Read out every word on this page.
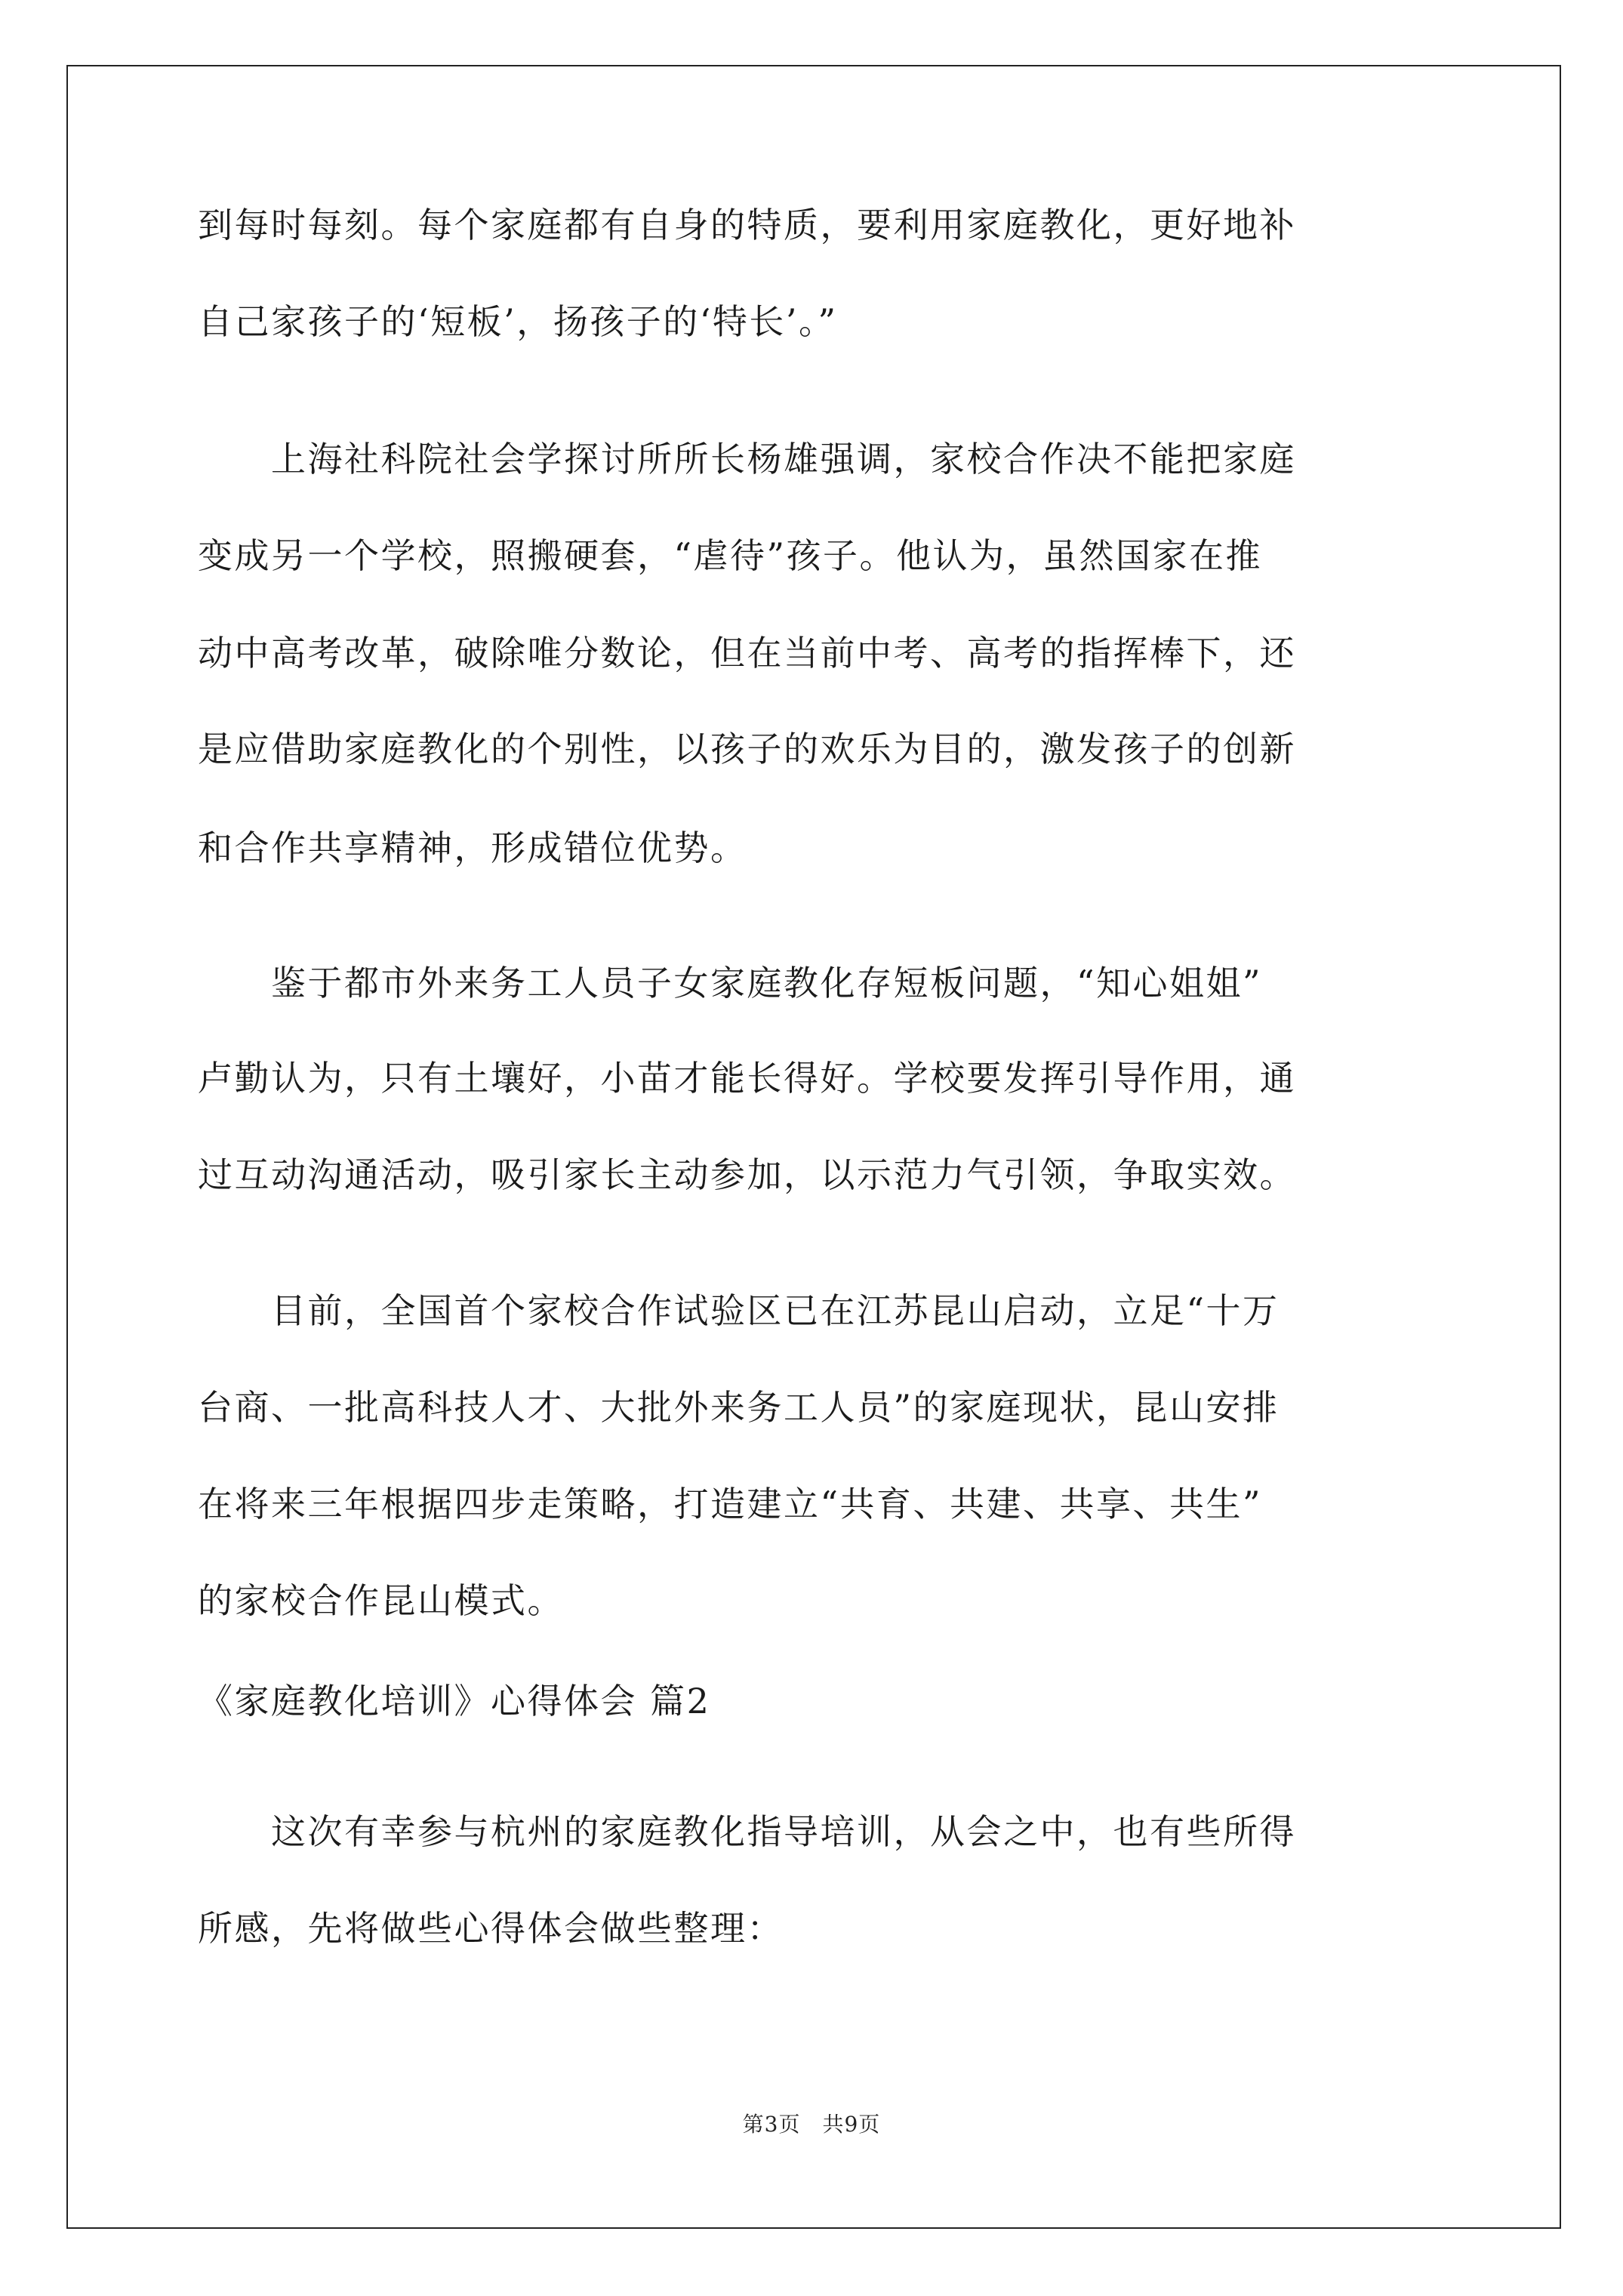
到每时每刻。每个家庭都有自身的特质，要利用家庭教化，更好地补
自己家孩子的‘短板’，扬孩子的‘特长’。”
　　上海社科院社会学探讨所所长杨雄强调，家校合作决不能把家庭
变成另一个学校，照搬硬套，“虐待”孩子。他认为，虽然国家在推
动中高考改革，破除唯分数论，但在当前中考、高考的指挥棒下，还
是应借助家庭教化的个别性，以孩子的欢乐为目的，激发孩子的创新
和合作共享精神，形成错位优势。
　　鉴于都市外来务工人员子女家庭教化存短板问题，“知心姐姐”
卢勤认为，只有土壤好，小苗才能长得好。学校要发挥引导作用，通
过互动沟通活动，吸引家长主动参加，以示范力气引领，争取实效。
　　目前，全国首个家校合作试验区已在江苏昆山启动，立足“十万
台商、一批高科技人才、大批外来务工人员”的家庭现状，昆山安排
在将来三年根据四步走策略，打造建立“共育、共建、共享、共生”
的家校合作昆山模式。
《家庭教化培训》心得体会 篇2
　　这次有幸参与杭州的家庭教化指导培训，从会之中，也有些所得
所感，先将做些心得体会做些整理：
第3页　共9页
